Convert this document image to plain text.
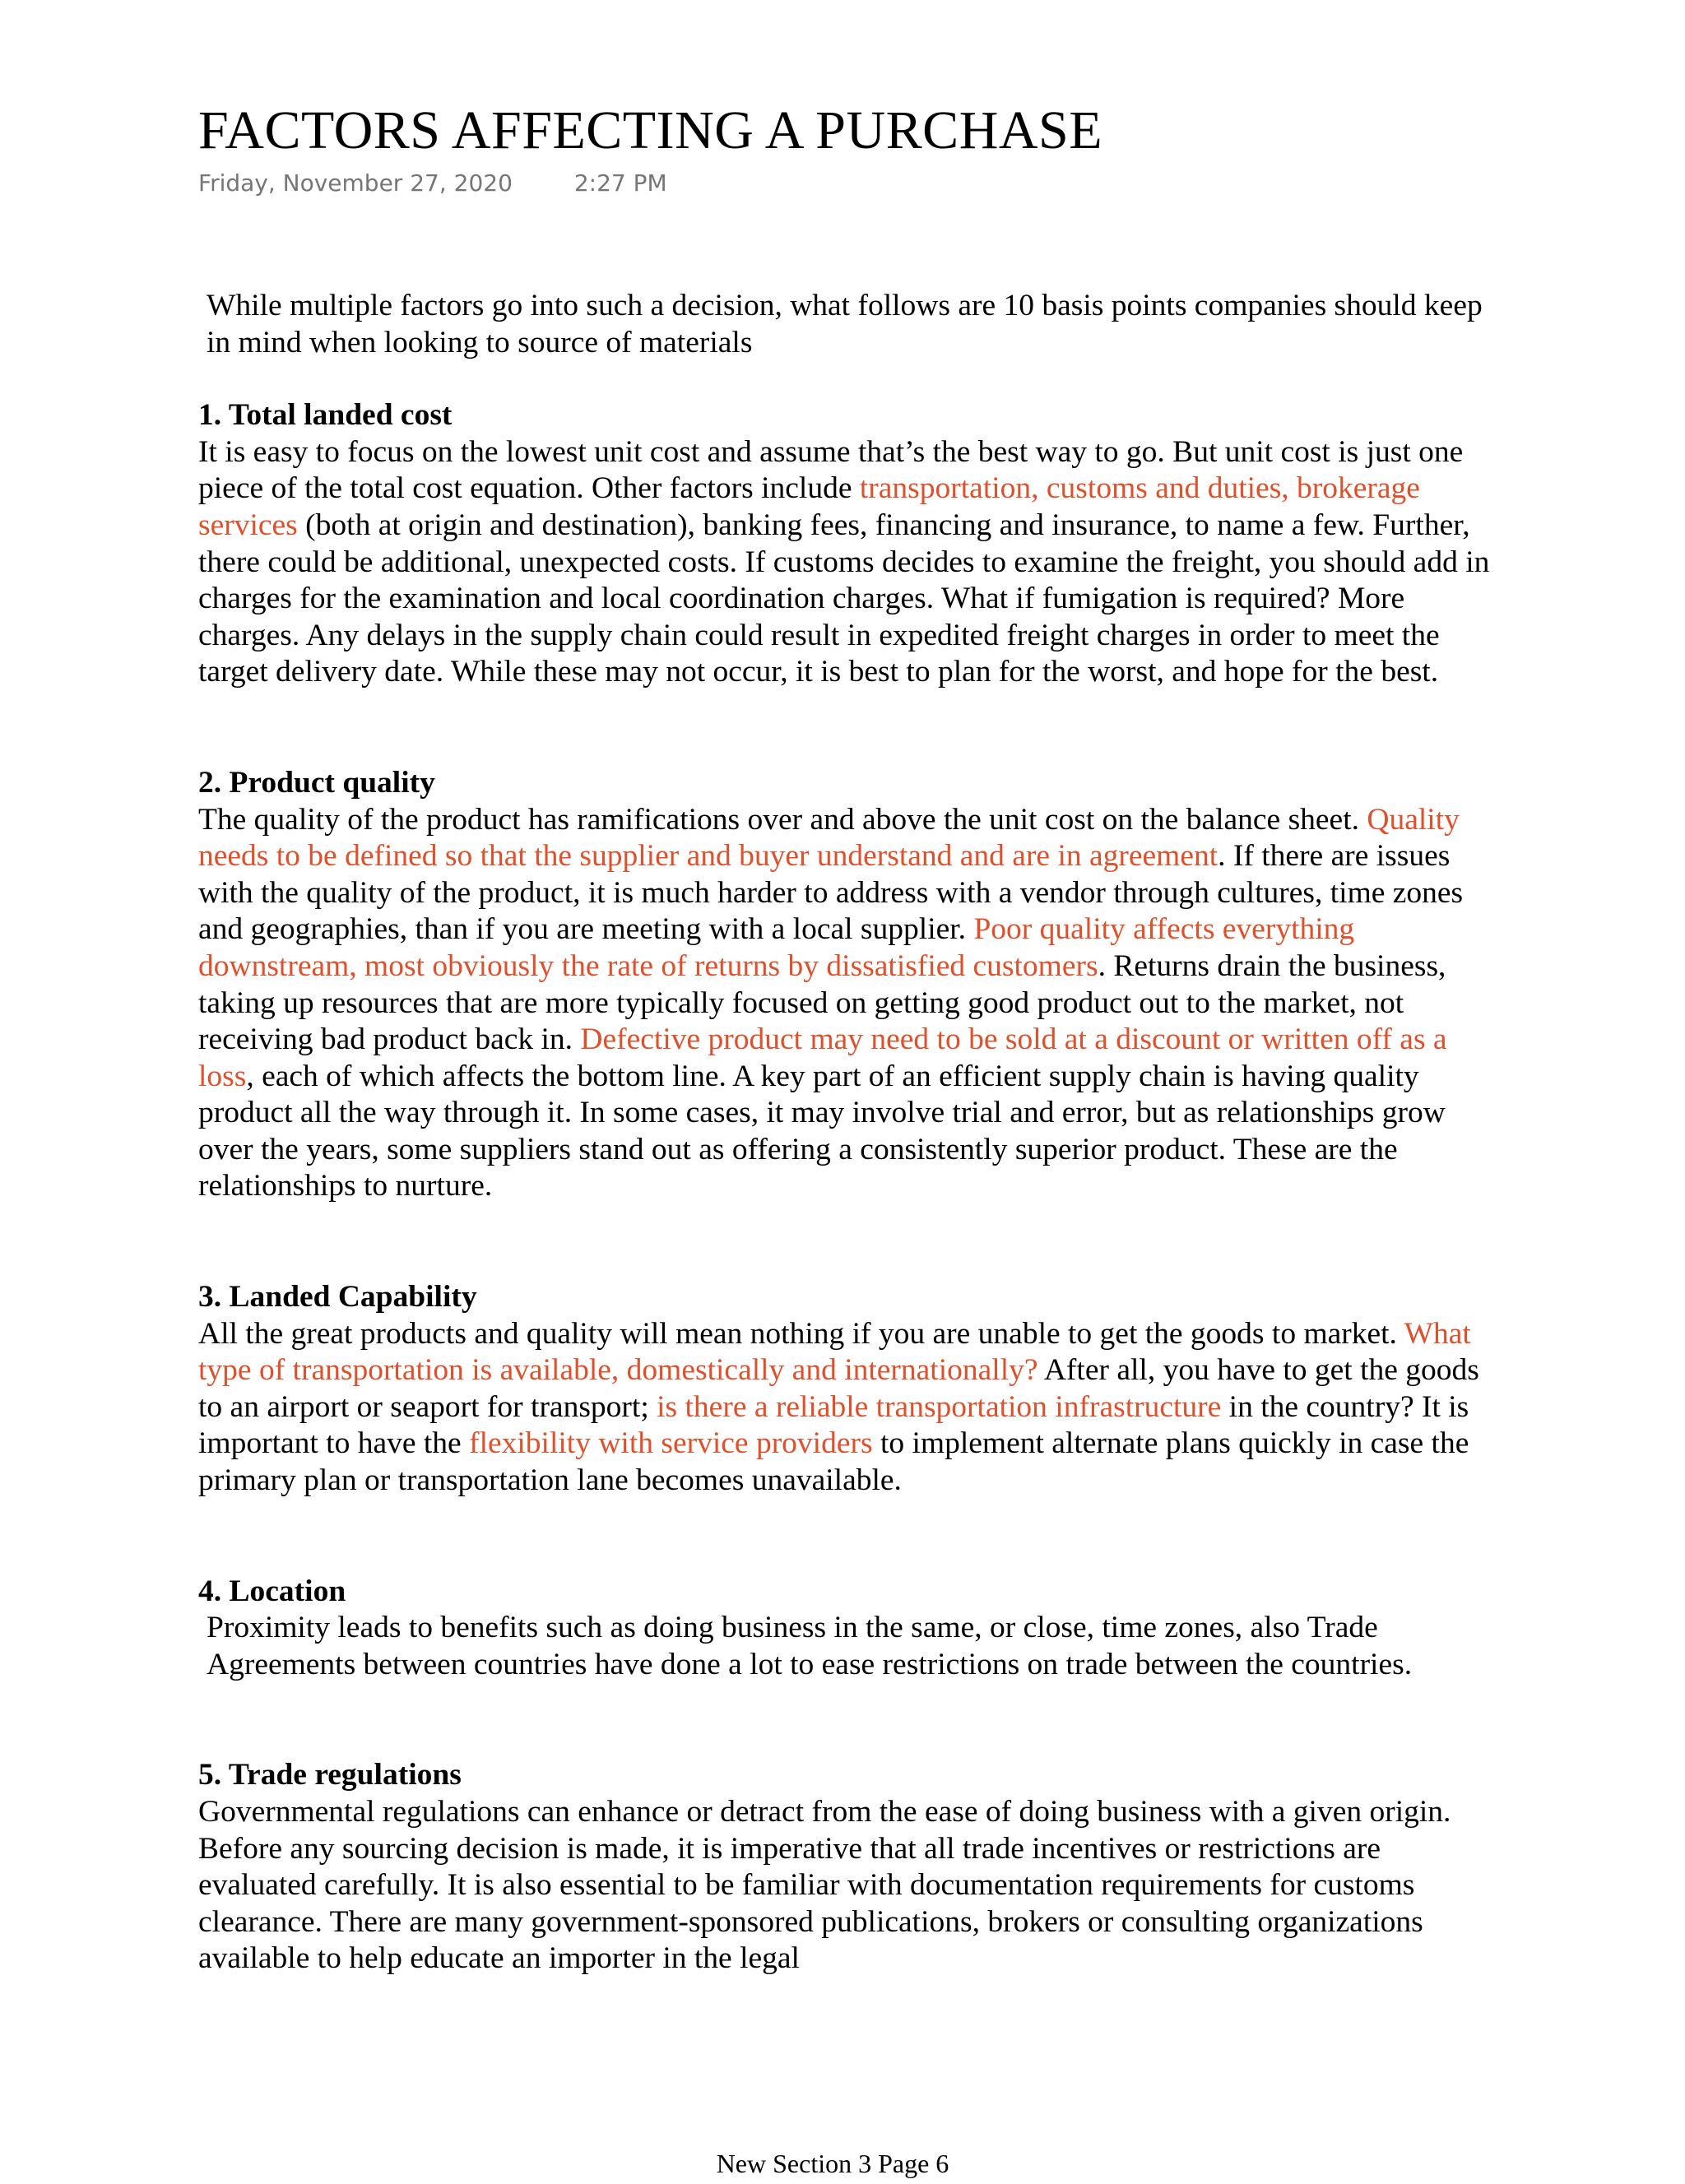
FACTORS AFFECTING A PURCHASE
Friday, November 27, 2020	2:27 PM
While multiple factors go into such a decision, what follows are 10 basis points companies should keep in mind when looking to source of materials
1. Total landed cost

It is easy to focus on the lowest unit cost and assume that’s the best way to go. But unit cost is just one piece of the total cost equation. Other factors include transportation, customs and duties, brokerage services (both at origin and destination), banking fees, financing and insurance, to name a few. Further, there could be additional, unexpected costs. If customs decides to examine the freight, you should add in charges for the examination and local coordination charges. What if fumigation is required? More charges. Any delays in the supply chain could result in expedited freight charges in order to meet the target delivery date. While these may not occur, it is best to plan for the worst, and hope for the best.

2. Product quality

The quality of the product has ramifications over and above the unit cost on the balance sheet. Quality needs to be defined so that the supplier and buyer understand and are in agreement. If there are issues with the quality of the product, it is much harder to address with a vendor through cultures, time zones and geographies, than if you are meeting with a local supplier. Poor quality affects everything downstream, most obviously the rate of returns by dissatisfied customers. Returns drain the business, taking up resources that are more typically focused on getting good product out to the market, not receiving bad product back in. Defective product may need to be sold at a discount or written off as a loss, each of which affects the bottom line. A key part of an efficient supply chain is having quality product all the way through it. In some cases, it may involve trial and error, but as relationships grow over the years, some suppliers stand out as offering a consistently superior product. These are the relationships to nurture.

3. Landed Capability

All the great products and quality will mean nothing if you are unable to get the goods to market. What type of transportation is available, domestically and internationally? After all, you have to get the goods to an airport or seaport for transport; is there a reliable transportation infrastructure in the country? It is important to have the flexibility with service providers to implement alternate plans quickly in case the primary plan or transportation lane becomes unavailable.

4. Location

Proximity leads to benefits such as doing business in the same, or close, time zones, also Trade Agreements between countries have done a lot to ease restrictions on trade between the countries.

5. Trade regulations

Governmental regulations can enhance or detract from the ease of doing business with a given origin. Before any sourcing decision is made, it is imperative that all trade incentives or restrictions are evaluated carefully. It is also essential to be familiar with documentation requirements for customs clearance. There are many government-sponsored publications, brokers or consulting organizations available to help educate an importer in the legal

New Section 3 Page 6
